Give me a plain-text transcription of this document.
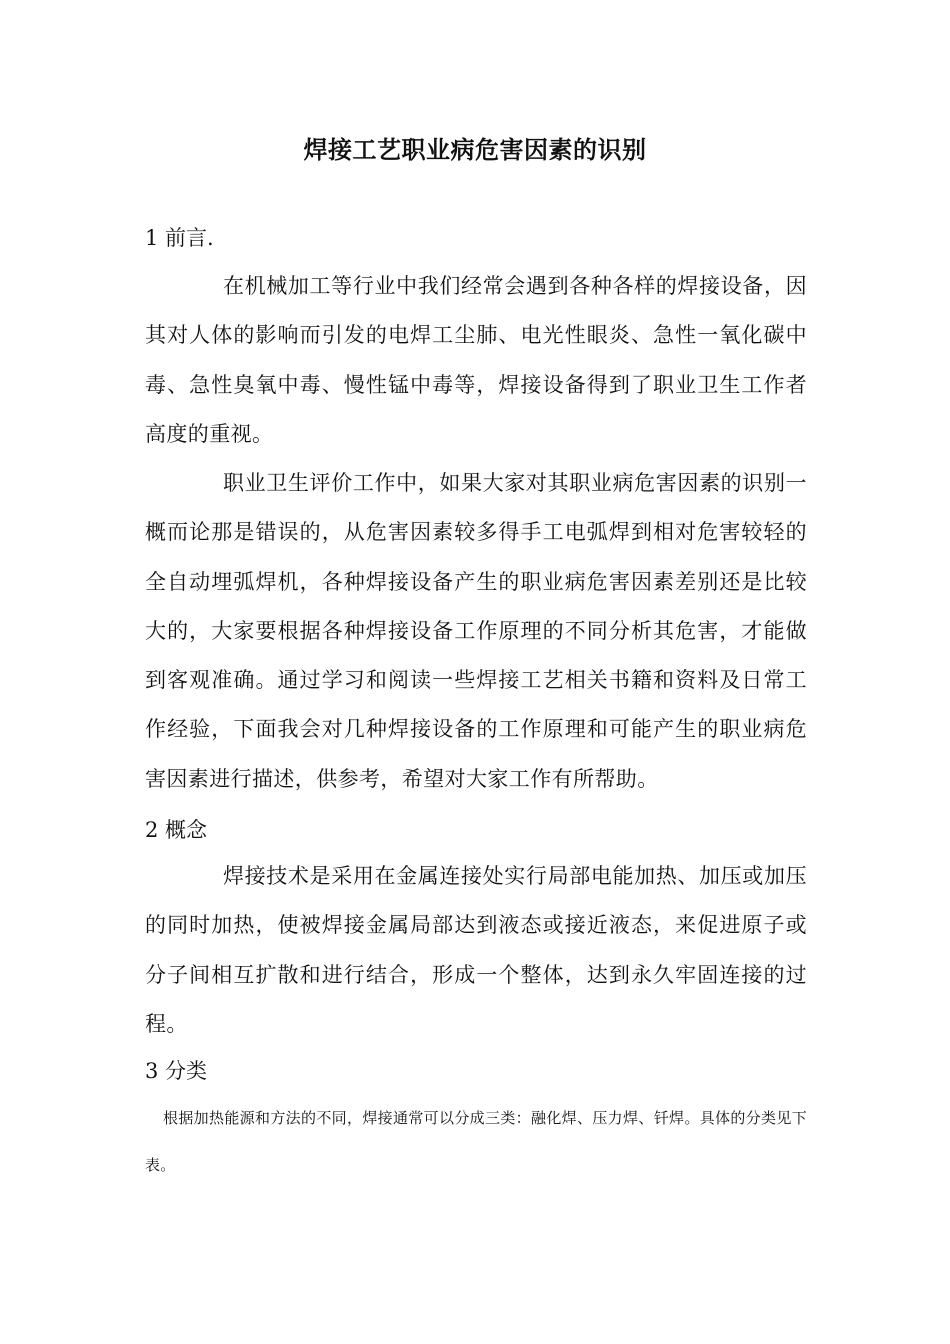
焊接工艺职业病危害因素的识别
1 前言.
在机械加工等行业中我们经常会遇到各种各样的焊接设备，因其对人体的影响而引发的电焊工尘肺、电光性眼炎、急性一氧化碳中毒、急性臭氧中毒、慢性锰中毒等，焊接设备得到了职业卫生工作者高度的重视。
职业卫生评价工作中，如果大家对其职业病危害因素的识别一概而论那是错误的，从危害因素较多得手工电弧焊到相对危害较轻的全自动埋弧焊机，各种焊接设备产生的职业病危害因素差别还是比较大的，大家要根据各种焊接设备工作原理的不同分析其危害，才能做到客观准确。通过学习和阅读一些焊接工艺相关书籍和资料及日常工作经验，下面我会对几种焊接设备的工作原理和可能产生的职业病危害因素进行描述，供参考，希望对大家工作有所帮助。
2 概念
焊接技术是采用在金属连接处实行局部电能加热、加压或加压的同时加热，使被焊接金属局部达到液态或接近液态，来促进原子或分子间相互扩散和进行结合，形成一个整体，达到永久牢固连接的过程。
3 分类
根据加热能源和方法的不同，焊接通常可以分成三类：融化焊、压力焊、钎焊。具体的分类见下表。
